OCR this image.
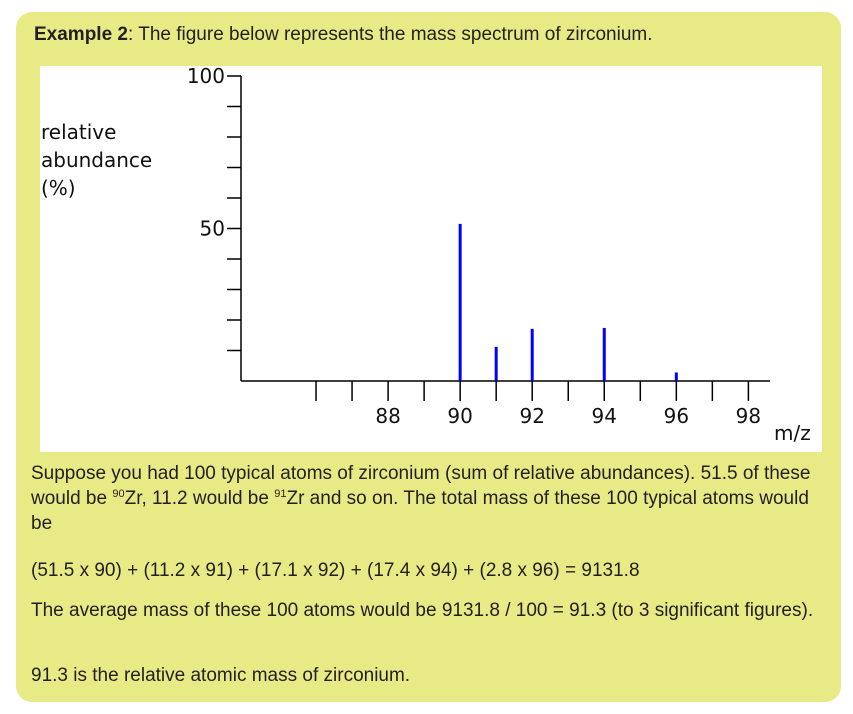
Example 2: The figure below represents the mass spectrum of zirconium.

relative
abundance
(%)
m/z
100
50
88 90 92 94 96 98

Suppose you had 100 typical atoms of zirconium (sum of relative abundances). 51.5 of these would be $^{90}$Zr, 11.2 would be $^{91}$Zr and so on. The total mass of these 100 typical atoms would be

(51.5 x 90) + (11.2 x 91) + (17.1 x 92) + (17.4 x 94) + (2.8 x 96) = 9131.8

The average mass of these 100 atoms would be 9131.8 / 100 = 91.3 (to 3 significant figures).

91.3 is the relative atomic mass of zirconium.
